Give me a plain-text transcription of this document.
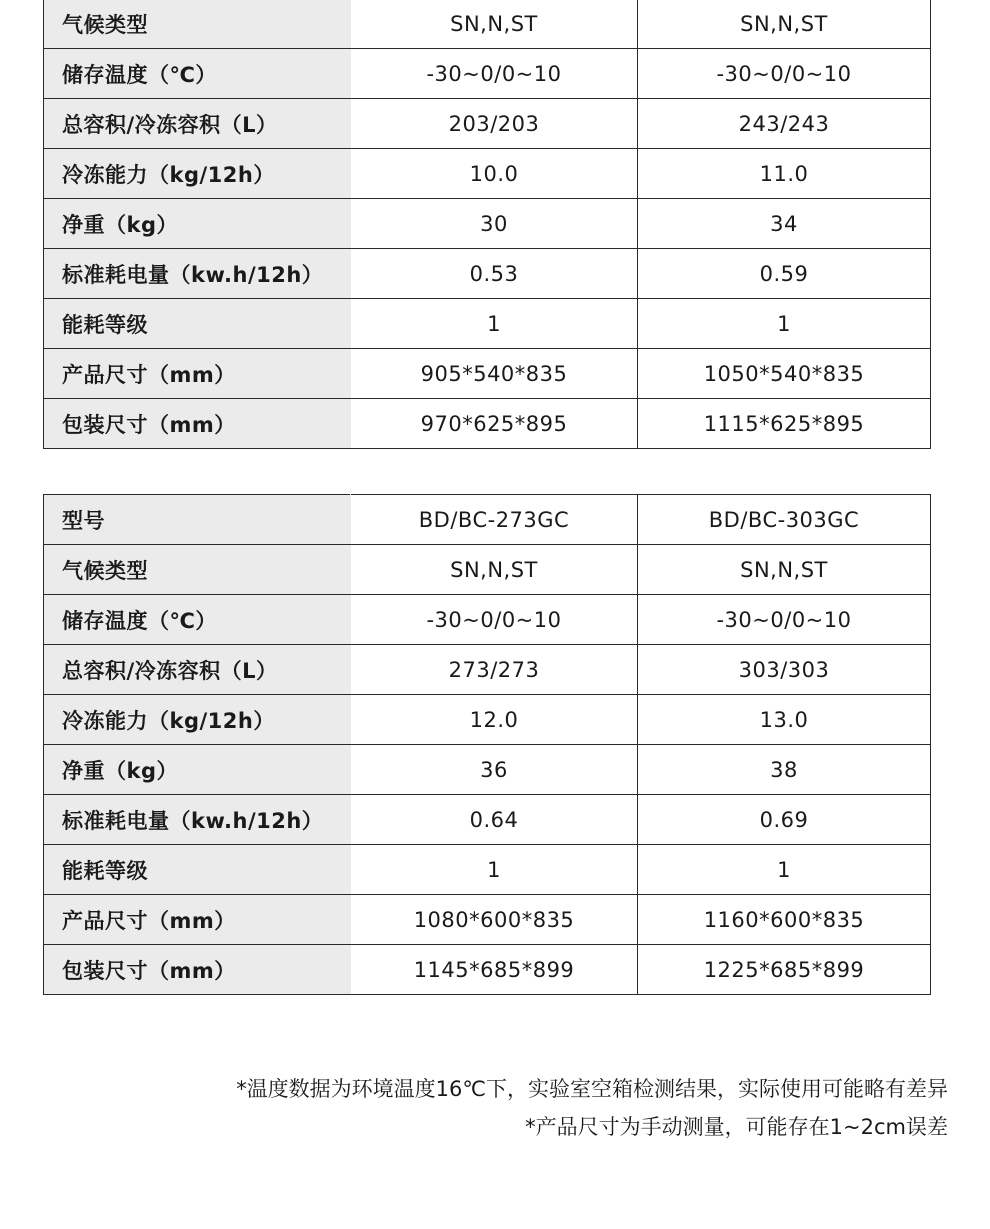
气候类型	SN,N,ST	SN,N,ST
储存温度（℃）	-30~0/0~10	-30~0/0~10
总容积/冷冻容积（L）	203/203	243/243
冷冻能力（kg/12h）	10.0	11.0
净重（kg）	30	34
标准耗电量（kw.h/12h）	0.53	0.59
能耗等级	1	1
产品尺寸（mm）	905*540*835	1050*540*835
包装尺寸（mm）	970*625*895	1115*625*895
型号	BD/BC-273GC	BD/BC-303GC
气候类型	SN,N,ST	SN,N,ST
储存温度（℃）	-30~0/0~10	-30~0/0~10
总容积/冷冻容积（L）	273/273	303/303
冷冻能力（kg/12h）	12.0	13.0
净重（kg）	36	38
标准耗电量（kw.h/12h）	0.64	0.69
能耗等级	1	1
产品尺寸（mm）	1080*600*835	1160*600*835
包装尺寸（mm）	1145*685*899	1225*685*899
*温度数据为环境温度16℃下，实验室空箱检测结果，实际使用可能略有差异
*产品尺寸为手动测量，可能存在1~2cm误差
